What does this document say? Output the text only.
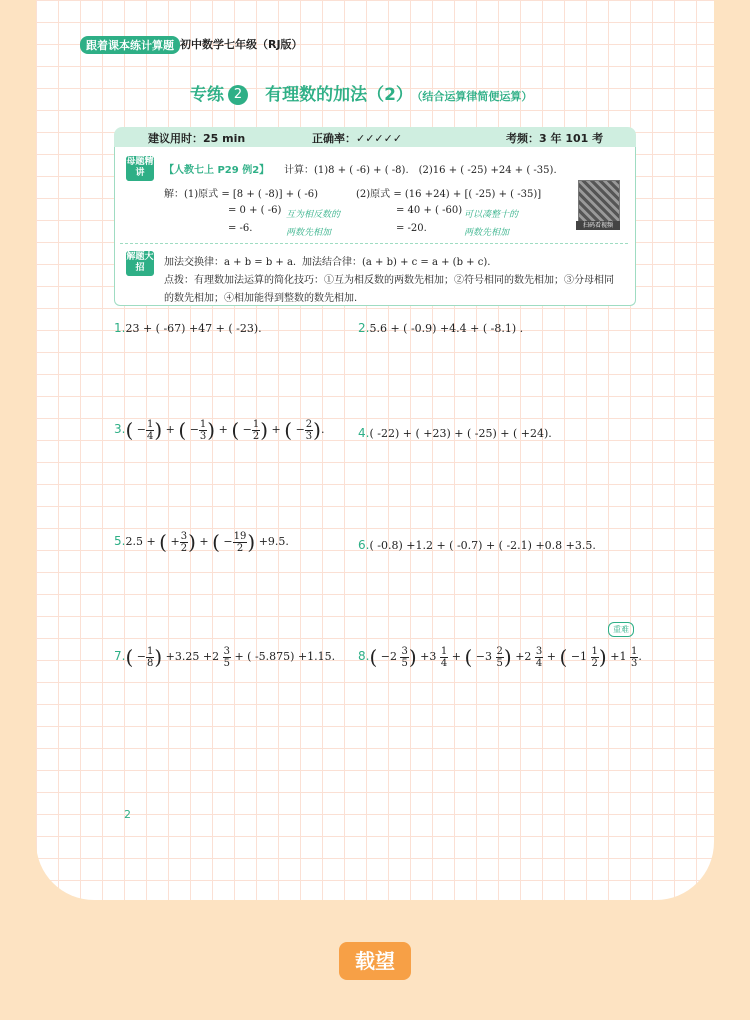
跟着课本练计算题 初中数学七年级（RJ版）
专练 2 有理数的加法（2） （结合运算律简便运算）
建议用时：25 min	正确率：✓✓✓✓✓	考频：3 年 101 考
母题精讲	【人教七上 P29 例2】 计算：(1)8 + ( -6) + ( -8).　(2)16 + ( -25) +24 + ( -35).
解：(1)原式 = [8 + ( -8)] + ( -6)
= 0 + ( -6)
= -6.
互为相反数的
两数先相加
(2)原式 = (16 +24) + [( -25) + ( -35)]
= 40 + ( -60)
= -20.
可以凑整十的
两数先相加
扫码看视频
解题大招	加法交换律：a + b = b + a. 加法结合律：(a + b) + c = a + (b + c).
点拨：有理数加法运算的简化技巧：①互为相反数的两数先相加；②符号相同的数先相加；③分母相同
的数先相加；④相加能得到整数的数先相加.
1.23 + ( -67) +47 + ( -23).	2.5.6 + ( -0.9) +4.4 + ( -8.1) .
$3.( - \frac{1}{4}$ ) + ( − $\frac{1}{3}$ ) + ( − $\frac{1}{2}$ ) + ( − $\frac{2}{3}$ ).	4.( -22) + ( +23) + ( -25) + ( +24).
5.2.5 + ( + $\frac{3}{2}$ ) + ( − $\frac{19}{2}$ ) +9.5.	6.( -0.8) +1.2 + ( -0.7) + ( -2.1) +0.8 +3.5.
重难
$7.( - \frac{1}{8}$ ) $+3.25 +2 \frac{3}{5}$ + ( -5.875) +1.15. $8.( -2 \frac{3}{5}$ ) $+3 \frac{1}{4}$ + ( $-3 \frac{2}{5}$ ) $+2 \frac{3}{4}$ + ( $-1 \frac{1}{2}$ ) $+1 \frac{1}{3}$ .
2
载望
